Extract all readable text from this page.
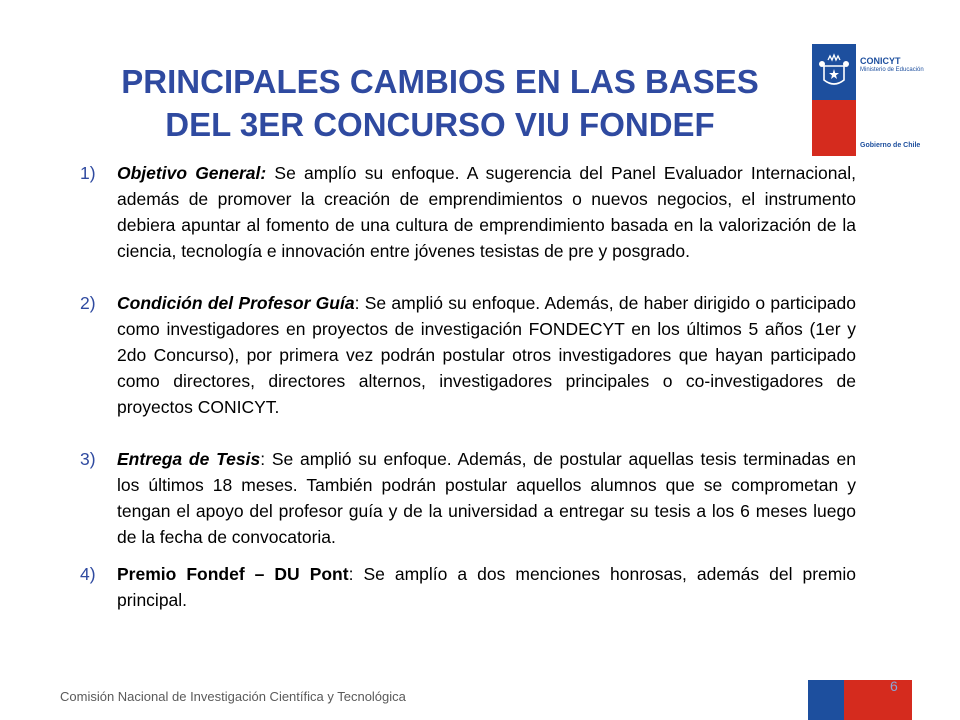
PRINCIPALES CAMBIOS EN LAS BASES
DEL 3ER CONCURSO VIU FONDEF
CONICYT
Ministerio de Educación
Gobierno de Chile
1)	Objetivo General: Se amplío su enfoque. A sugerencia del Panel Evaluador Internacional, además de promover la creación de emprendimientos o nuevos negocios, el instrumento debiera apuntar al fomento de una cultura de emprendimiento basada en la valorización de la ciencia, tecnología e innovación entre jóvenes tesistas de pre y posgrado.
2)	Condición del Profesor Guía: Se amplió su enfoque. Además, de haber dirigido o participado como investigadores en proyectos de investigación FONDECYT en los últimos 5 años (1er y 2do Concurso), por primera vez podrán postular otros investigadores que hayan participado como directores, directores alternos, investigadores principales o co-investigadores de proyectos CONICYT.
3)	Entrega de Tesis: Se amplió su enfoque. Además, de postular aquellas tesis terminadas en los últimos 18 meses. También podrán postular aquellos alumnos que se comprometan y tengan el apoyo del profesor guía y de la universidad a entregar su tesis a los 6 meses luego de la fecha de convocatoria.
4)	Premio Fondef – DU Pont: Se amplío a dos menciones honrosas, además del premio principal.
Comisión Nacional de Investigación Científica y Tecnológica
6
